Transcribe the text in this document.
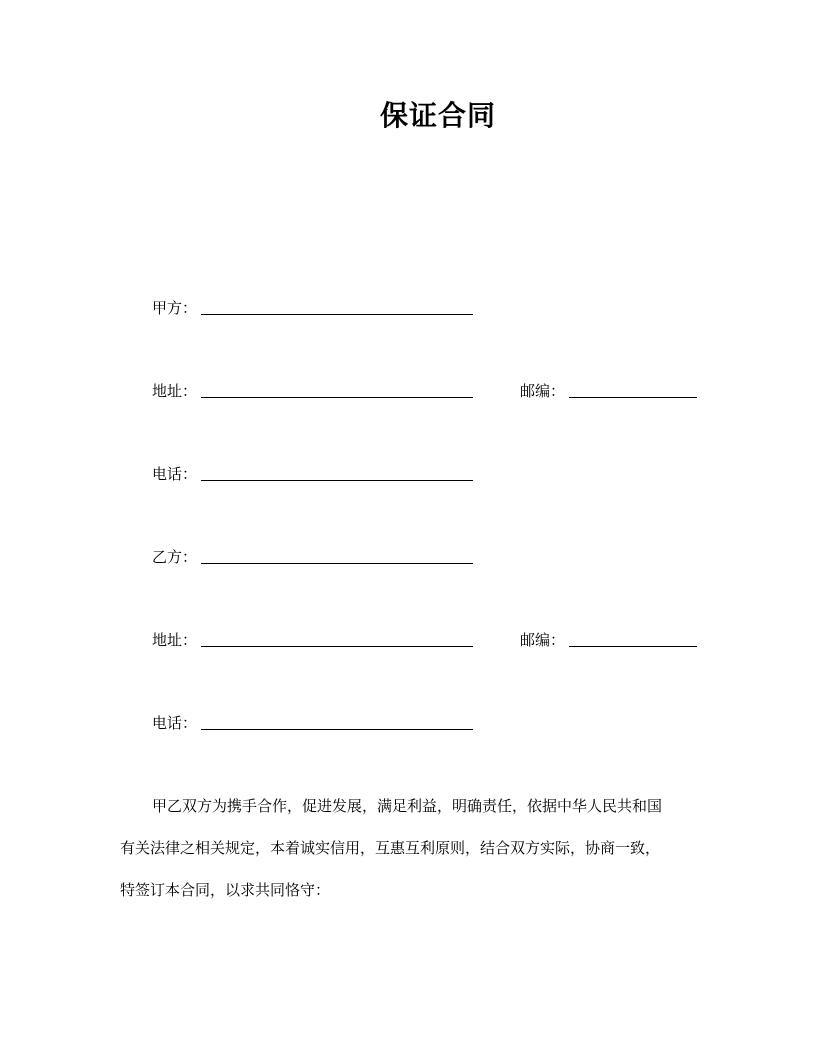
保证合同
甲方：
地址：	邮编：
电话：
乙方：
地址：	邮编：
电话：
甲乙双方为携手合作，促进发展，满足利益，明确责任，依据中华人民共和国
有关法律之相关规定，本着诚实信用，互惠互利原则，结合双方实际，协商一致，
特签订本合同，以求共同恪守：
